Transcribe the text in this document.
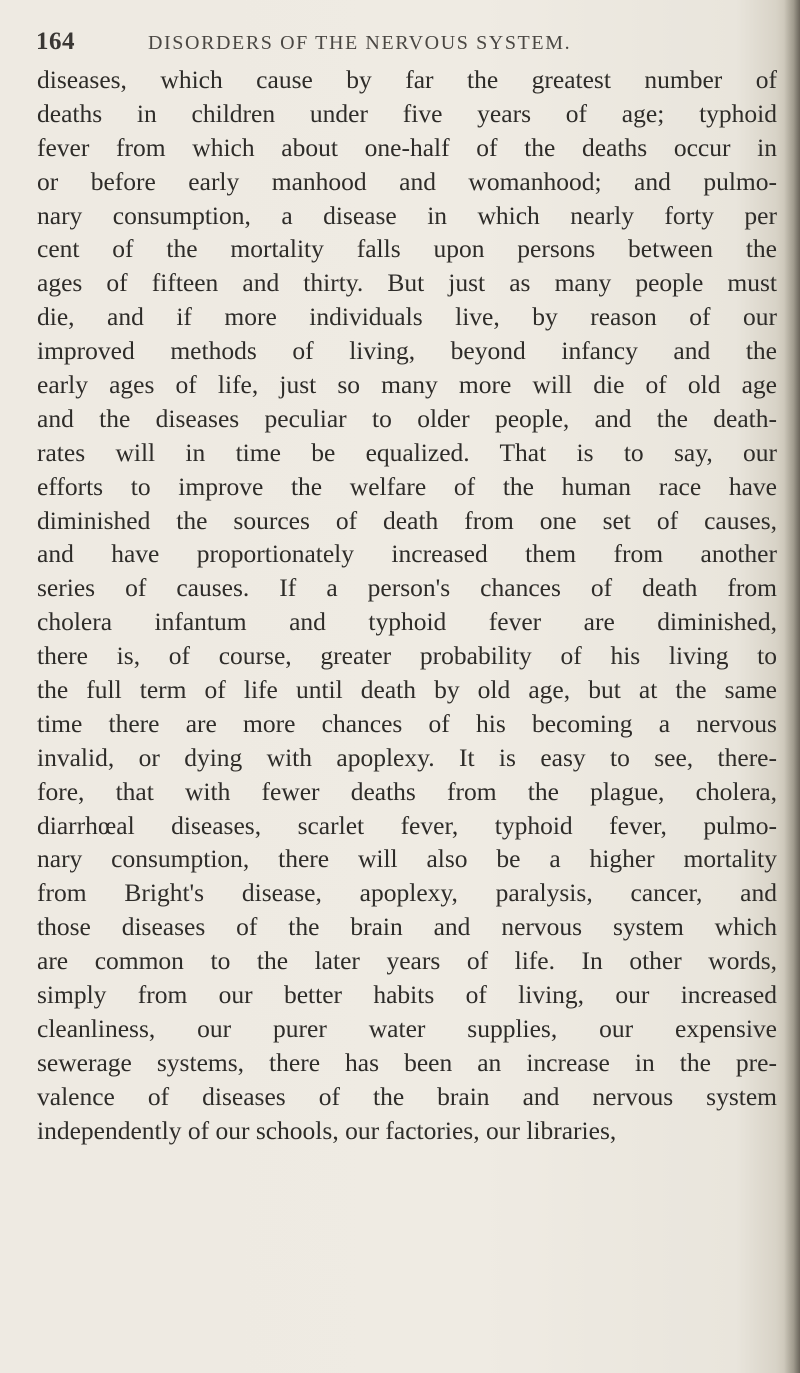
164	DISORDERS OF THE NERVOUS SYSTEM.
diseases, which cause by far the greatest number of
deaths in children under five years of age; typhoid
fever from which about one-half of the deaths occur in
or before early manhood and womanhood; and pulmo-
nary consumption, a disease in which nearly forty per
cent of the mortality falls upon persons between the
ages of fifteen and thirty. But just as many people must
die, and if more individuals live, by reason of our
improved methods of living, beyond infancy and the
early ages of life, just so many more will die of old age
and the diseases peculiar to older people, and the death-
rates will in time be equalized. That is to say, our
efforts to improve the welfare of the human race have
diminished the sources of death from one set of causes,
and have proportionately increased them from another
series of causes. If a person's chances of death from
cholera infantum and typhoid fever are diminished,
there is, of course, greater probability of his living to
the full term of life until death by old age, but at the same
time there are more chances of his becoming a nervous
invalid, or dying with apoplexy. It is easy to see, there-
fore, that with fewer deaths from the plague, cholera,
diarrhœal diseases, scarlet fever, typhoid fever, pulmo-
nary consumption, there will also be a higher mortality
from Bright's disease, apoplexy, paralysis, cancer, and
those diseases of the brain and nervous system which
are common to the later years of life. In other words,
simply from our better habits of living, our increased
cleanliness, our purer water supplies, our expensive
sewerage systems, there has been an increase in the pre-
valence of diseases of the brain and nervous system
independently of our schools, our factories, our libraries,
